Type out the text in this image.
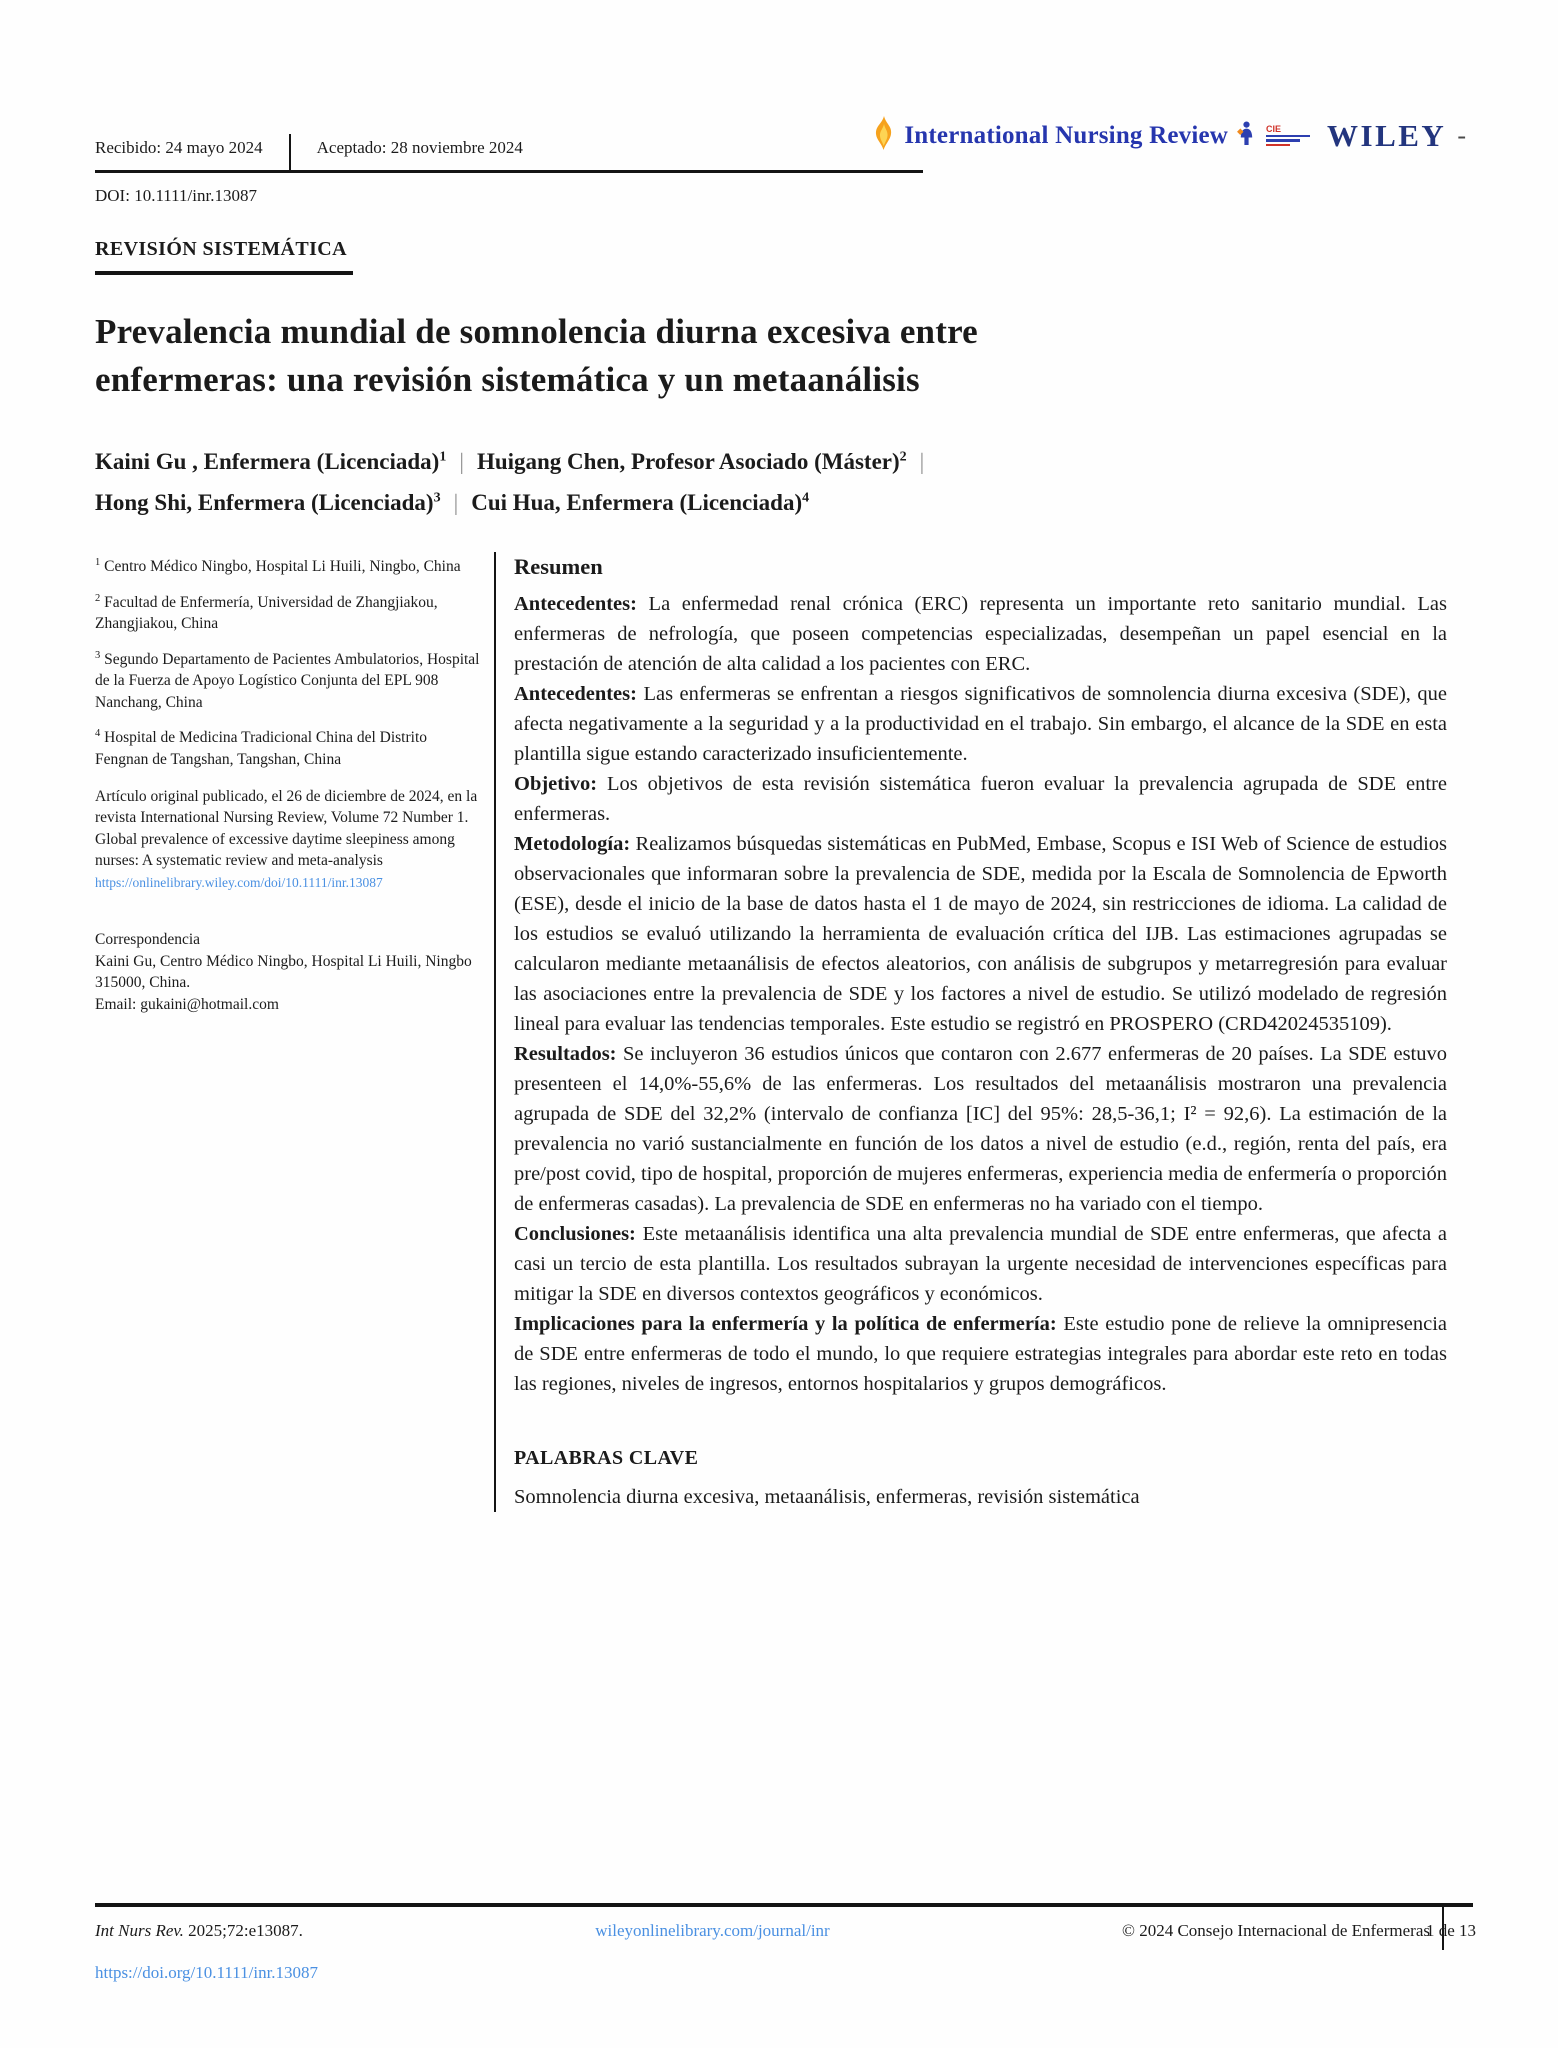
Recibido: 24 mayo 2024	Aceptado: 28 noviembre 2024
DOI: 10.1111/inr.13087
International Nursing Review	CIE	WILEY -
REVISIÓN SISTEMÁTICA
Prevalencia mundial de somnolencia diurna excesiva entre
enfermeras: una revisión sistemática y un metaanálisis
Kaini Gu , Enfermera (Licenciada)$^1$ | Huigang Chen, Profesor Asociado (Máster)$^2$ |
Hong Shi, Enfermera (Licenciada)$^3$ | Cui Hua, Enfermera (Licenciada)$^4$

$^1$ Centro Médico Ningbo, Hospital Li Huili, Ningbo, China

$^2$ Facultad de Enfermería, Universidad de Zhangjiakou, Zhangjiakou, China

$^3$ Segundo Departamento de Pacientes Ambulatorios, Hospital de la Fuerza de Apoyo Logístico Conjunta del EPL 908 Nanchang, China

$^4$ Hospital de Medicina Tradicional China del Distrito Fengnan de Tangshan, Tangshan, China

Artículo original publicado, el 26 de diciembre de 2024, en la revista International Nursing Review, Volume 72 Number 1. Global prevalence of excessive daytime sleepiness among nurses: A systematic review and meta-analysis

https://onlinelibrary.wiley.com/doi/10.1111/inr.13087

Correspondencia

Kaini Gu, Centro Médico Ningbo, Hospital Li Huili, Ningbo 315000, China.

Email: gukaini@hotmail.com

Resumen

Antecedentes: La enfermedad renal crónica (ERC) representa un importante reto sanitario mundial. Las enfermeras de nefrología, que poseen competencias especializadas, desempeñan un papel esencial en la prestación de atención de alta calidad a los pacientes con ERC.

Antecedentes: Las enfermeras se enfrentan a riesgos significativos de somnolencia diurna excesiva (SDE), que afecta negativamente a la seguridad y a la productividad en el trabajo. Sin embargo, el alcance de la SDE en esta plantilla sigue estando caracterizado insuficientemente.

Objetivo: Los objetivos de esta revisión sistemática fueron evaluar la prevalencia agrupada de SDE entre enfermeras.

Metodología: Realizamos búsquedas sistemáticas en PubMed, Embase, Scopus e ISI Web of Science de estudios observacionales que informaran sobre la prevalencia de SDE, medida por la Escala de Somnolencia de Epworth (ESE), desde el inicio de la base de datos hasta el 1 de mayo de 2024, sin restricciones de idioma. La calidad de los estudios se evaluó utilizando la herramienta de evaluación crítica del IJB. Las estimaciones agrupadas se calcularon mediante metaanálisis de efectos aleatorios, con análisis de subgrupos y metarregresión para evaluar las asociaciones entre la prevalencia de SDE y los factores a nivel de estudio. Se utilizó modelado de regresión lineal para evaluar las tendencias temporales. Este estudio se registró en PROSPERO (CRD42024535109).

Resultados: Se incluyeron 36 estudios únicos que contaron con 2.677 enfermeras de 20 países. La SDE estuvo presenteen el 14,0%-55,6% de las enfermeras. Los resultados del metaanálisis mostraron una prevalencia agrupada de SDE del 32,2% (intervalo de confianza [IC] del 95%: 28,5-36,1; I² = 92,6). La estimación de la prevalencia no varió sustancialmente en función de los datos a nivel de estudio (e.d., región, renta del país, era pre/post covid, tipo de hospital, proporción de mujeres enfermeras, experiencia media de enfermería o proporción de enfermeras casadas). La prevalencia de SDE en enfermeras no ha variado con el tiempo.

Conclusiones: Este metaanálisis identifica una alta prevalencia mundial de SDE entre enfermeras, que afecta a casi un tercio de esta plantilla. Los resultados subrayan la urgente necesidad de intervenciones específicas para mitigar la SDE en diversos contextos geográficos y económicos.

Implicaciones para la enfermería y la política de enfermería: Este estudio pone de relieve la omnipresencia de SDE entre enfermeras de todo el mundo, lo que requiere estrategias integrales para abordar este reto en todas las regiones, niveles de ingresos, entornos hospitalarios y grupos demográficos.

PALABRAS CLAVE
Somnolencia diurna excesiva, metaanálisis, enfermeras, revisión sistemática
Int Nurs Rev. 2025;72:e13087.	wileyonlinelibrary.com/journal/inr	© 2024 Consejo Internacional de Enfermeras
1 de 13
https://doi.org/10.1111/inr.13087
